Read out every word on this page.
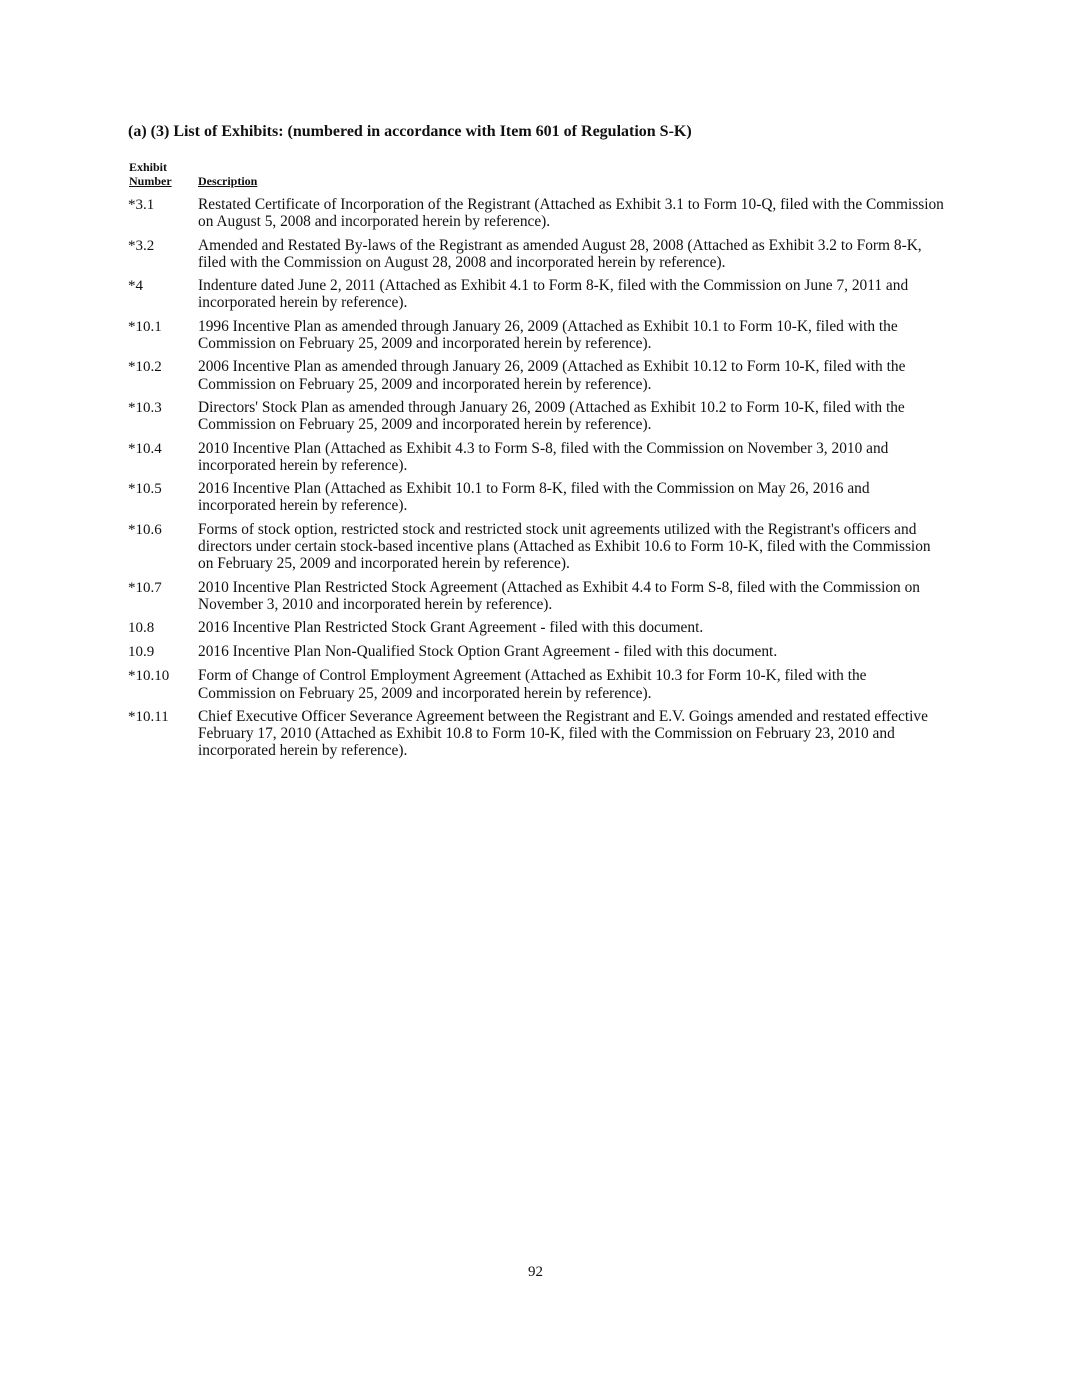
(a) (3) List of Exhibits: (numbered in accordance with Item 601 of Regulation S-K)
Exhibit
Number	Description
*3.1	Restated Certificate of Incorporation of the Registrant (Attached as Exhibit 3.1 to Form 10-Q, filed with the Commission on August 5, 2008 and incorporated herein by reference).
*3.2	Amended and Restated By-laws of the Registrant as amended August 28, 2008 (Attached as Exhibit 3.2 to Form 8-K, filed with the Commission on August 28, 2008 and incorporated herein by reference).
*4	Indenture dated June 2, 2011 (Attached as Exhibit 4.1 to Form 8-K, filed with the Commission on June 7, 2011 and incorporated herein by reference).
*10.1	1996 Incentive Plan as amended through January 26, 2009 (Attached as Exhibit 10.1 to Form 10-K, filed with the Commission on February 25, 2009 and incorporated herein by reference).
*10.2	2006 Incentive Plan as amended through January 26, 2009 (Attached as Exhibit 10.12 to Form 10-K, filed with the Commission on February 25, 2009 and incorporated herein by reference).
*10.3	Directors' Stock Plan as amended through January 26, 2009 (Attached as Exhibit 10.2 to Form 10-K, filed with the Commission on February 25, 2009 and incorporated herein by reference).
*10.4	2010 Incentive Plan (Attached as Exhibit 4.3 to Form S-8, filed with the Commission on November 3, 2010 and incorporated herein by reference).
*10.5	2016 Incentive Plan (Attached as Exhibit 10.1 to Form 8-K, filed with the Commission on May 26, 2016 and incorporated herein by reference).
*10.6	Forms of stock option, restricted stock and restricted stock unit agreements utilized with the Registrant's officers and directors under certain stock-based incentive plans (Attached as Exhibit 10.6 to Form 10-K, filed with the Commission on February 25, 2009 and incorporated herein by reference).
*10.7	2010 Incentive Plan Restricted Stock Agreement (Attached as Exhibit 4.4 to Form S-8, filed with the Commission on November 3, 2010 and incorporated herein by reference).
10.8	2016 Incentive Plan Restricted Stock Grant Agreement - filed with this document.
10.9	2016 Incentive Plan Non-Qualified Stock Option Grant Agreement - filed with this document.
*10.10	Form of Change of Control Employment Agreement (Attached as Exhibit 10.3 for Form 10-K, filed with the Commission on February 25, 2009 and incorporated herein by reference).
*10.11	Chief Executive Officer Severance Agreement between the Registrant and E.V. Goings amended and restated effective February 17, 2010 (Attached as Exhibit 10.8 to Form 10-K, filed with the Commission on February 23, 2010 and incorporated herein by reference).
92
